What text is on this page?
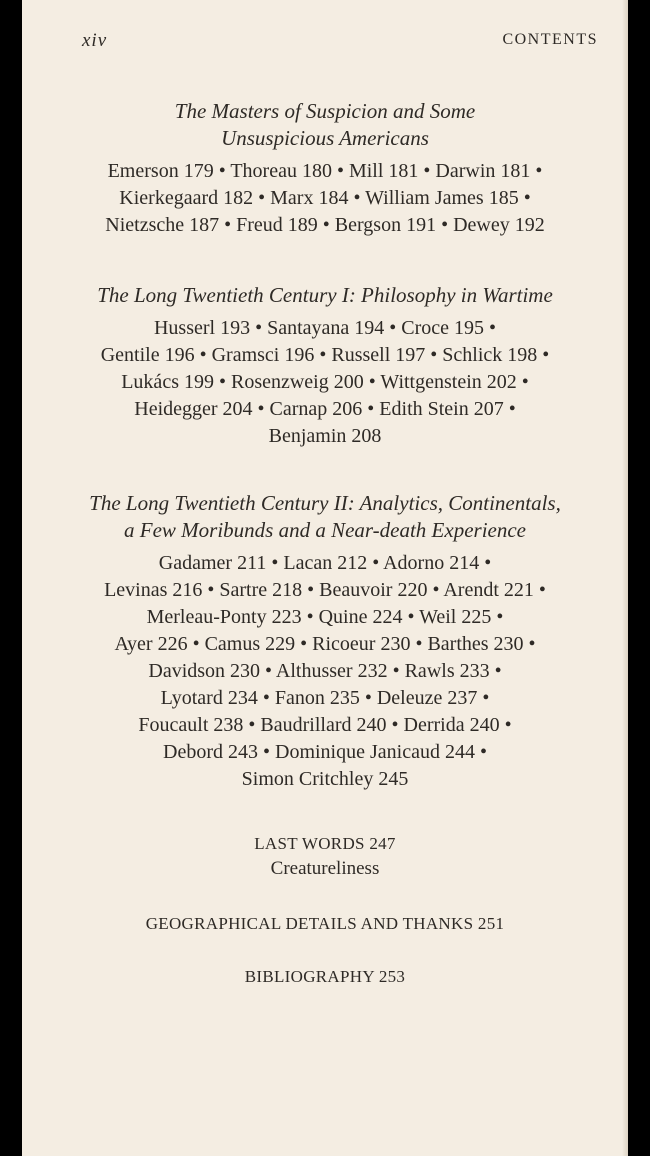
xiv	CONTENTS
The Masters of Suspicion and Some
Unsuspicious Americans
Emerson 179 • Thoreau 180 • Mill 181 • Darwin 181 •
Kierkegaard 182 • Marx 184 • William James 185 •
Nietzsche 187 • Freud 189 • Bergson 191 • Dewey 192
The Long Twentieth Century I: Philosophy in Wartime
Husserl 193 • Santayana 194 • Croce 195 •
Gentile 196 • Gramsci 196 • Russell 197 • Schlick 198 •
Lukács 199 • Rosenzweig 200 • Wittgenstein 202 •
Heidegger 204 • Carnap 206 • Edith Stein 207 •
Benjamin 208
The Long Twentieth Century II: Analytics, Continentals,
a Few Moribunds and a Near-death Experience
Gadamer 211 • Lacan 212 • Adorno 214 •
Levinas 216 • Sartre 218 • Beauvoir 220 • Arendt 221 •
Merleau-Ponty 223 • Quine 224 • Weil 225 •
Ayer 226 • Camus 229 • Ricoeur 230 • Barthes 230 •
Davidson 230 • Althusser 232 • Rawls 233 •
Lyotard 234 • Fanon 235 • Deleuze 237 •
Foucault 238 • Baudrillard 240 • Derrida 240 •
Debord 243 • Dominique Janicaud 244 •
Simon Critchley 245
LAST WORDS 247
Creatureliness
GEOGRAPHICAL DETAILS AND THANKS 251
BIBLIOGRAPHY 253
